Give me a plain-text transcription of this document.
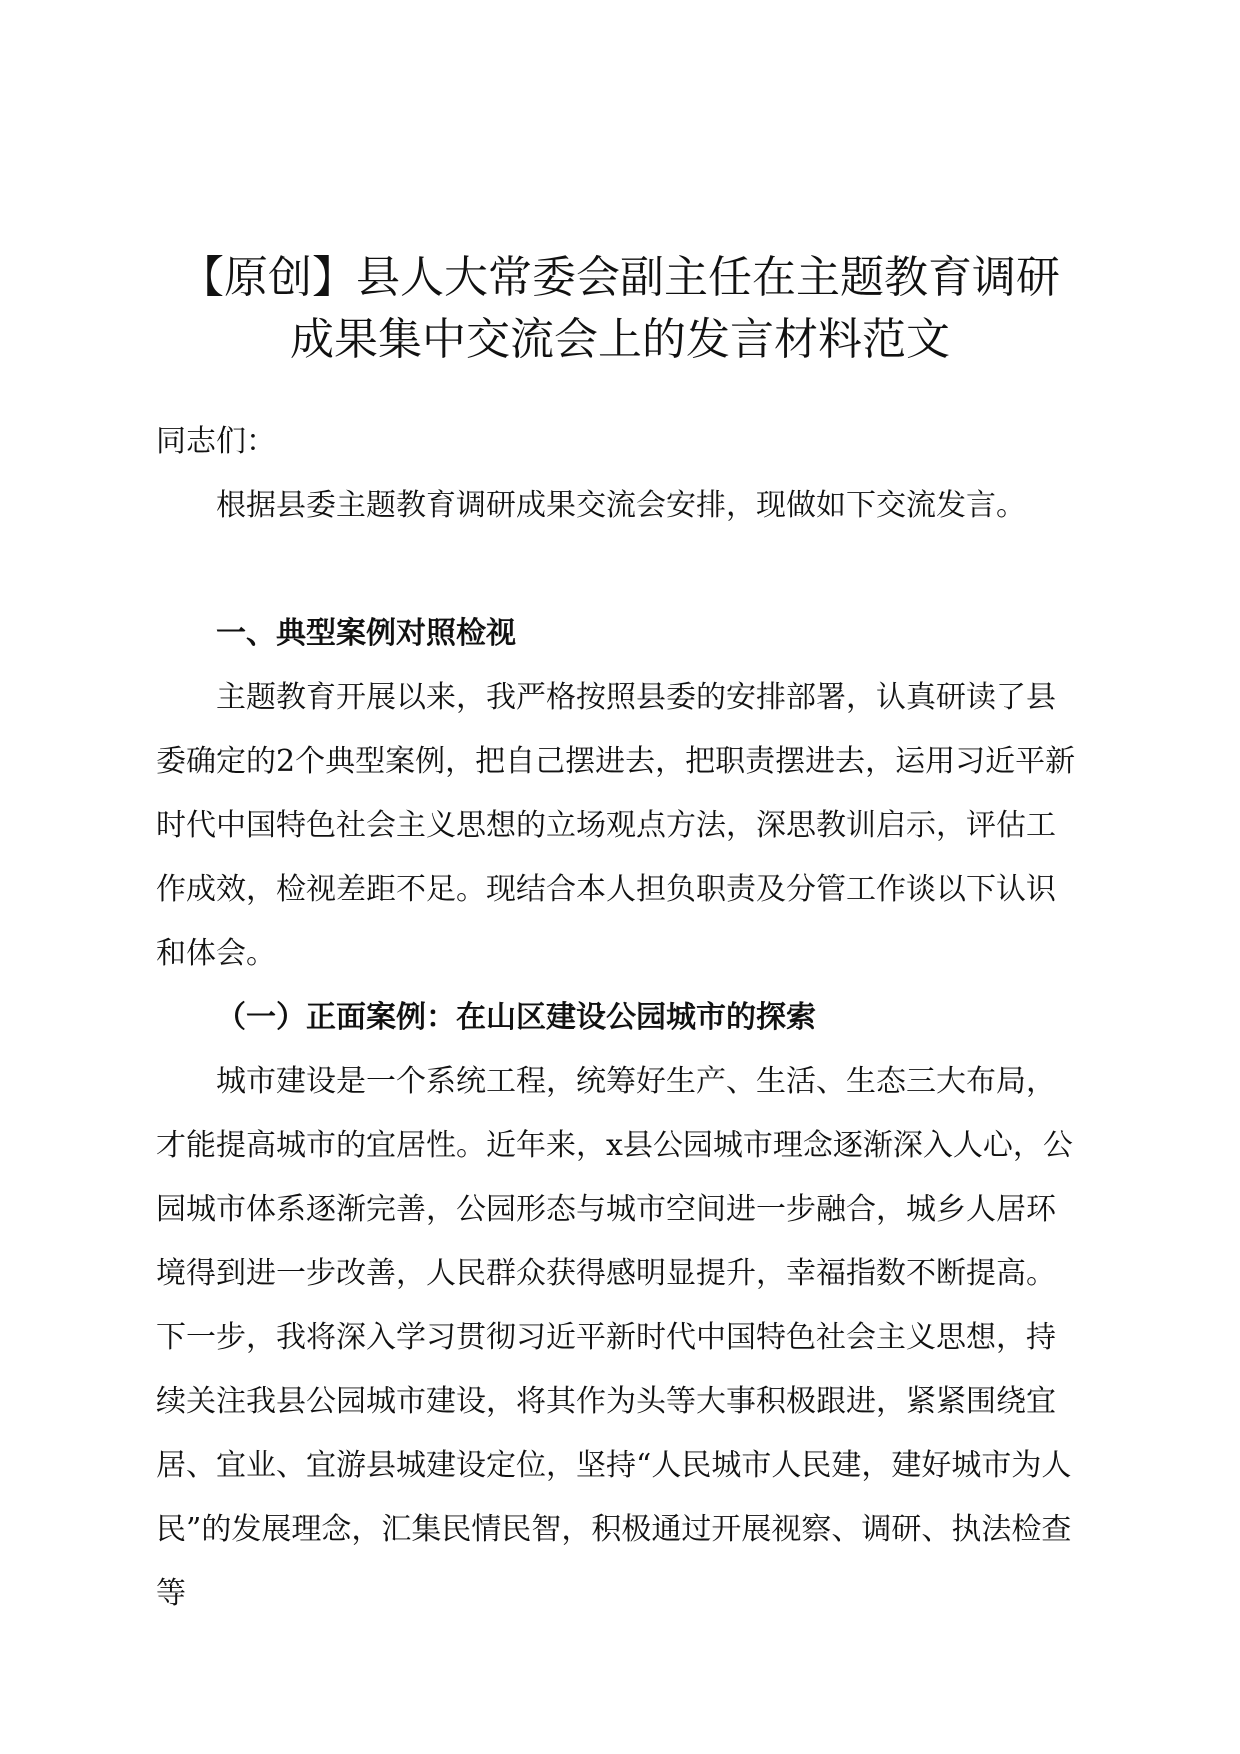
【原创】县人大常委会副主任在主题教育调研
成果集中交流会上的发言材料范文

同志们：

根据县委主题教育调研成果交流会安排，现做如下交流发言。

一、典型案例对照检视

主题教育开展以来，我严格按照县委的安排部署，认真研读了县委确定的2个典型案例，把自己摆进去，把职责摆进去，运用习近平新时代中国特色社会主义思想的立场观点方法，深思教训启示，评估工作成效，检视差距不足。现结合本人担负职责及分管工作谈以下认识和体会。

（一）正面案例：在山区建设公园城市的探索

城市建设是一个系统工程，统筹好生产、生活、生态三大布局，才能提高城市的宜居性。近年来，x县公园城市理念逐渐深入人心，公园城市体系逐渐完善，公园形态与城市空间进一步融合，城乡人居环境得到进一步改善，人民群众获得感明显提升，幸福指数不断提高。下一步，我将深入学习贯彻习近平新时代中国特色社会主义思想，持续关注我县公园城市建设，将其作为头等大事积极跟进，紧紧围绕宜居、宜业、宜游县城建设定位，坚持“人民城市人民建，建好城市为人民”的发展理念，汇集民情民智，积极通过开展视察、调研、执法检查等
